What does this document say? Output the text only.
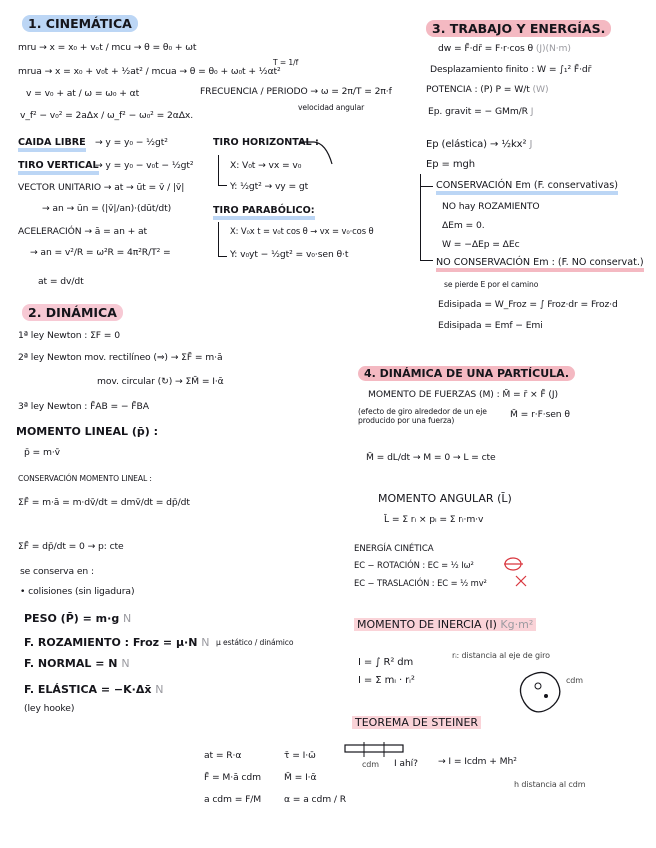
1. CINEMÁTICA
mru → x = x₀ + vₒt / mcu → θ = θ₀ + ωt
mrua → x = x₀ + v₀t + ½at² / mcua → θ = θ₀ + ω₀t + ½αt²
v = v₀ + at / ω = ω₀ + αt
v_f² − v₀² = 2aΔx / ω_f² − ω₀² = 2αΔx.
T = 1/f
FRECUENCIA / PERIODO → ω = 2π/T = 2π·f
velocidad angular
CAIDA LIBRE → y = y₀ − ½gt²
TIRO VERTICAL
→ y = y₀ − v₀t − ½gt²
VECTOR UNITARIO → at → ūt = v̄ / |v̄|
→ an → ūn = (|v̄|/an)·(dūt/dt)
ACELERACIÓN → ā = an + at
→ an = v²/R = ω²R = 4π²R/T² =
at = dv/dt
TIRO HORIZONTAL :
X: V₀t → vx = v₀
Y: ½gt² → vy = gt
TIRO PARABÓLICO:
X: V₀x t = v₀t cos θ → vx = v₀·cos θ
Y: v₀yt − ½gt² = v₀·sen θ·t
2. DINÁMICA
1ª ley Newton : ΣF = 0
2ª ley Newton mov. rectilíneo (⇒) → ΣF̄ = m·ā
mov. circular (↻) → ΣM̄ = I·ᾱ
3ª ley Newton : F̄AB = − F̄BA
MOMENTO LINEAL (p̄) :
p̄ = m·v̄
CONSERVACIÓN MOMENTO LINEAL :
ΣF̄ = m·ā = m·dv̄/dt = dmv̄/dt = dp̄/dt
ΣF̄ = dp̄/dt = 0 → p: cte
se conserva en :
• colisiones (sin ligadura)
PESO (P̄) = m·g N
F. ROZAMIENTO : Froz = μ·N N μ estático / dinámico
F. NORMAL = N N
F. ELÁSTICA = −K·Δx̄ N
(ley hooke)
3. TRABAJO Y ENERGÍAS.
dw = F̄·dr̄ = F·r·cos θ (J)(N·m)
Desplazamiento finito : W = ∫₁² F̄·dr̄
POTENCIA : (P) P = W/t (W)
Ep. gravit = − GMm/R J
Ep (elástica) → ½kx² J
Ep = mgh
CONSERVACIÓN Em (F. conservativas)
NO hay ROZAMIENTO
ΔEm = 0.
W = −ΔEp = ΔEc
NO CONSERVACIÓN Em : (F. NO conservat.)
se pierde E por el camino
Edisipada = W_Froz = ∫ Froz·dr = Froz·d
Edisipada = Emf − Emi
4. DINÁMICA DE UNA PARTÍCULA.
MOMENTO DE FUERZAS (M) : M̄ = r̄ × F̄ (J)
(efecto de giro alrededor de un eje producido por una fuerza)
M̄ = r·F·sen θ
M̄ = dL/dt → M = 0 → L = cte
MOMENTO ANGULAR (L̄)
L̄ = Σ rᵢ × pᵢ = Σ rᵢ·m·v
ENERGÍA CINÉTICA
EC − ROTACIÓN : EC = ½ Iω²
EC − TRASLACIÓN : EC = ½ mv²
MOMENTO DE INERCIA (I) Kg·m²
I = ∫ R² dm
I = Σ mᵢ · rᵢ²
rᵢ: distancia al eje de giro
cdm
TEOREMA DE STEINER
at = R·α
F̄ = M·ā cdm
a cdm = F/M
τ̄ = I·ω̄
M̄ = I·ᾱ
α = a cdm / R
cdm I ahí? → I = Icdm + Mh²
h distancia al cdm
